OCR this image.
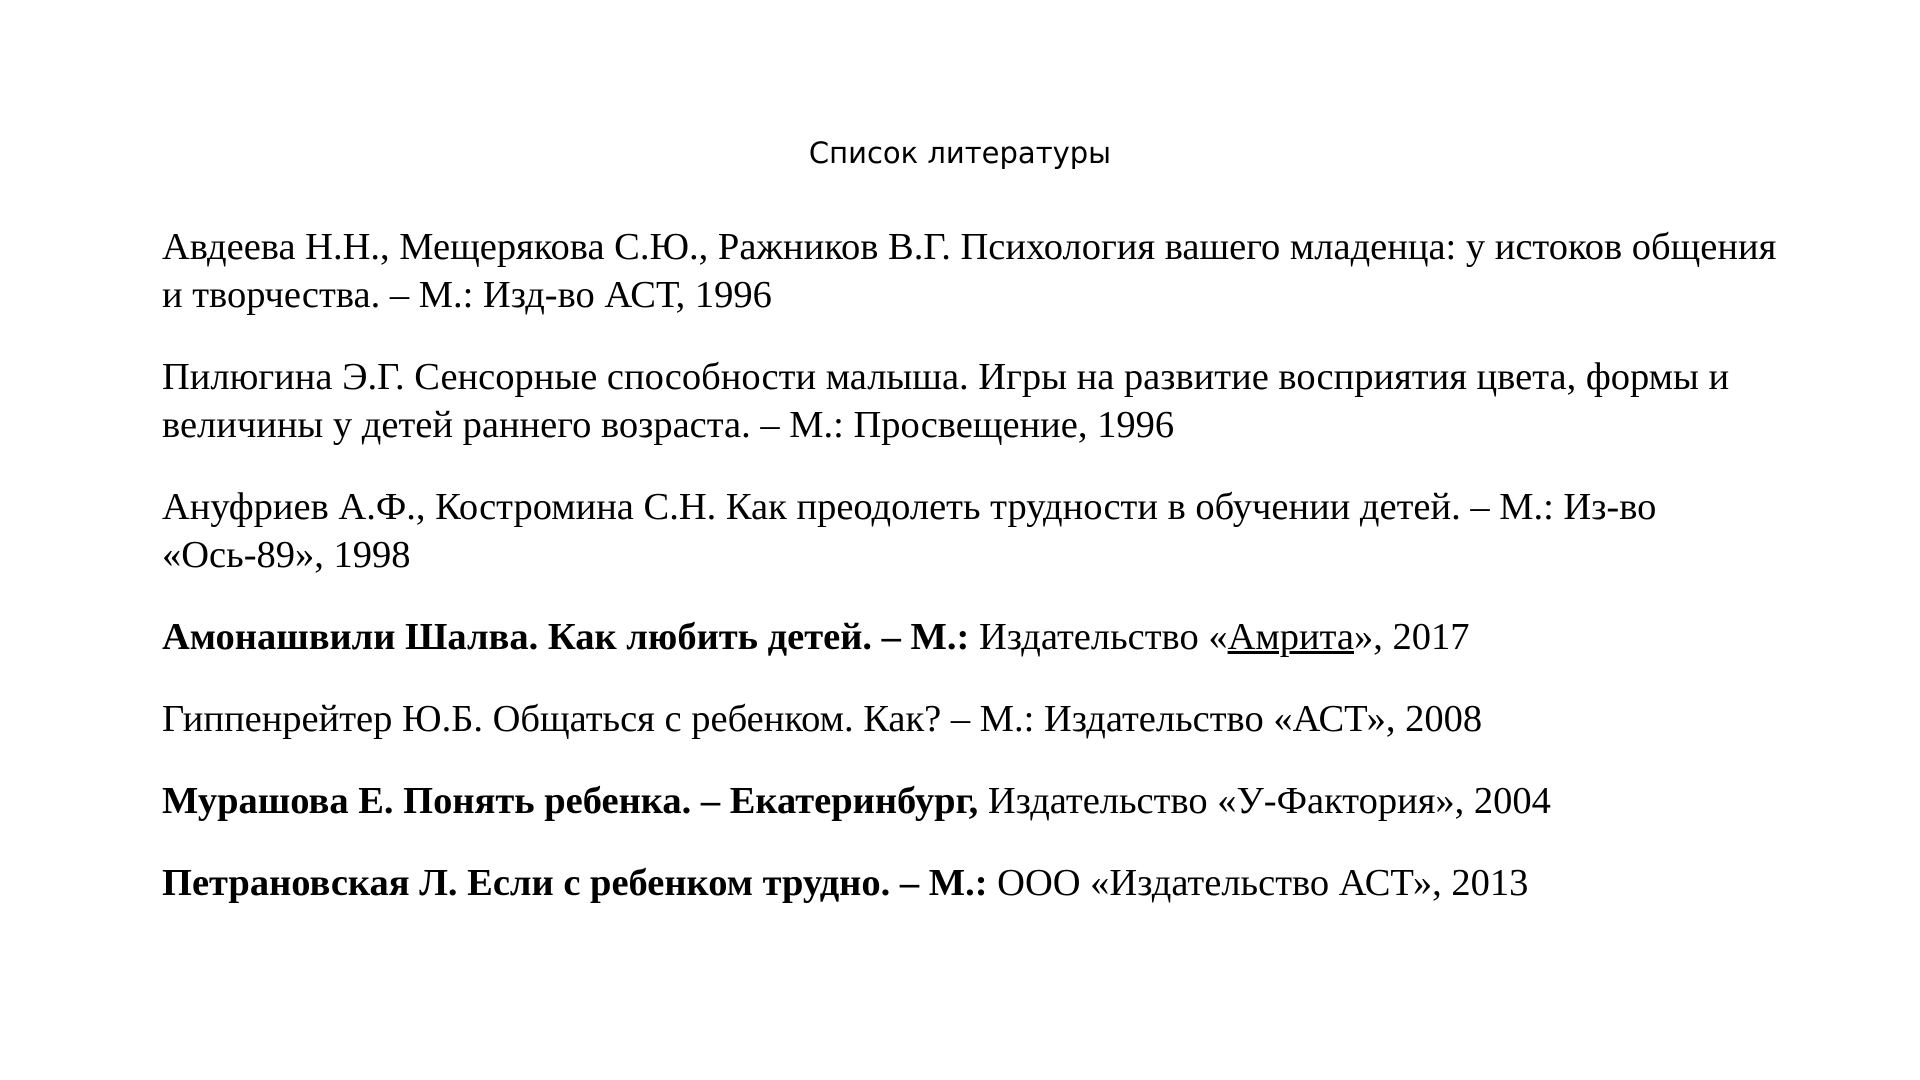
Список литературы

Авдеева Н.Н., Мещерякова С.Ю., Ражников В.Г. Психология вашего младенца: у истоков общения и творчества. – М.: Изд-во АСТ, 1996

Пилюгина Э.Г. Сенсорные способности малыша. Игры на развитие восприятия цвета, формы и величины у детей раннего возраста. – М.: Просвещение, 1996

Ануфриев А.Ф., Костромина С.Н. Как преодолеть трудности в обучении детей. – М.: Из-во «Ось-89», 1998

Амонашвили Шалва. Как любить детей. – М.: Издательство «Амрита», 2017

Гиппенрейтер Ю.Б. Общаться с ребенком. Как? – М.: Издательство «АСТ», 2008

Мурашова Е. Понять ребенка. – Екатеринбург, Издательство «У-Фактория», 2004

Петрановская Л. Если с ребенком трудно. – М.: ООО «Издательство АСТ», 2013
